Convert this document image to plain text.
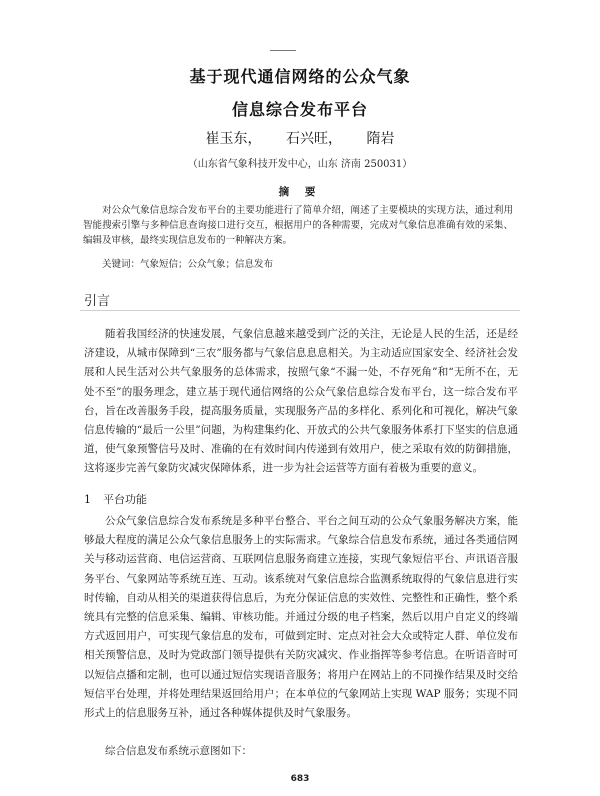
基于现代通信网络的公众气象
信息综合发布平台
崔玉东， 石兴旺， 隋岩
（山东省气象科技开发中心，山东 济南 250031）
摘 要
对公众气象信息综合发布平台的主要功能进行了简单介绍，阐述了主要模块的实现方法，通过利用智能搜索引擎与多种信息查询接口进行交互，根据用户的各种需要，完成对气象信息准确有效的采集、编辑及审核，最终实现信息发布的一种解决方案。
关键词：气象短信；公众气象；信息发布
引言
随着我国经济的快速发展，气象信息越来越受到广泛的关注，无论是人民的生活，还是经济建设，从城市保障到“三农”服务都与气象信息息息相关。为主动适应国家安全、经济社会发展和人民生活对公共气象服务的总体需求，按照气象“不漏一处，不存死角”和“无所不在，无处不至”的服务理念，建立基于现代通信网络的公众气象信息综合发布平台，这一综合发布平台，旨在改善服务手段，提高服务质量，实现服务产品的多样化、系列化和可视化，解决气象信息传输的“最后一公里”问题，为构建集约化、开放式的公共气象服务体系打下坚实的信息通道，使气象预警信号及时、准确的在有效时间内传递到有效用户，使之采取有效的防御措施，这将逐步完善气象防灾减灾保障体系，进一步为社会运营等方面有着极为重要的意义。
1 平台功能
公众气象信息综合发布系统是多种平台整合、平台之间互动的公众气象服务解决方案，能够最大程度的满足公众气象信息服务上的实际需求。气象综合信息发布系统，通过各类通信网关与移动运营商、电信运营商、互联网信息服务商建立连接，实现气象短信平台、声讯语音服务平台、气象网站等系统互连、互动。该系统对气象信息综合监测系统取得的气象信息进行实时传输，自动从相关的渠道获得信息后，为充分保证信息的实效性、完整性和正确性，整个系统具有完整的信息采集、编辑、审核功能。并通过分级的电子档案，然后以用户自定义的终端方式返回用户，可实现气象信息的发布，可做到定时、定点对社会大众或特定人群、单位发布相关预警信息，及时为党政部门领导提供有关防灾减灾、作业指挥等参考信息。在听语音时可以短信点播和定制，也可以通过短信实现语音服务；将用户在网站上的不同操作结果及时交给短信平台处理，并将处理结果返回给用户；在本单位的气象网站上实现 WAP 服务；实现不同形式上的信息服务互补，通过各种媒体提供及时气象服务。
综合信息发布系统示意图如下：
683
